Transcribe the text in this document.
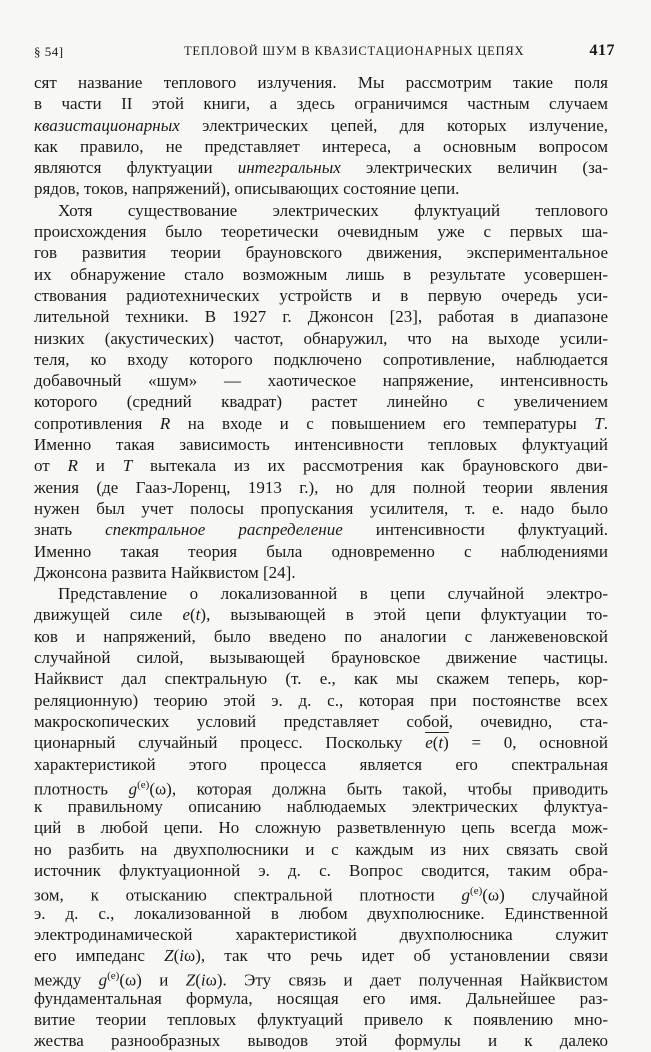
§ 54]	ТЕПЛОВОЙ ШУМ В КВАЗИСТАЦИОНАРНЫХ ЦЕПЯХ	417
сят название теплового излучения. Мы рассмотрим такие поля
в части II этой книги, а здесь ограничимся частным случаем
квазистационарных электрических цепей, для которых излучение,
как правило, не представляет интереса, а основным вопросом
являются флуктуации интегральных электрических величин (за-
рядов, токов, напряжений), описывающих состояние цепи.
Хотя существование электрических флуктуаций теплового
происхождения было теоретически очевидным уже с первых ша-
гов развития теории брауновского движения, экспериментальное
их обнаружение стало возможным лишь в результате усовершен-
ствования радиотехнических устройств и в первую очередь уси-
лительной техники. В 1927 г. Джонсон [23], работая в диапазоне
низких (акустических) частот, обнаружил, что на выходе усили-
теля, ко входу которого подключено сопротивление, наблюдается
добавочный «шум» — хаотическое напряжение, интенсивность
которого (средний квадрат) растет линейно с увеличением
сопротивления R на входе и с повышением его температуры T.
Именно такая зависимость интенсивности тепловых флуктуаций
от R и T вытекала из их рассмотрения как брауновского дви-
жения (де Гааз-Лоренц, 1913 г.), но для полной теории явления
нужен был учет полосы пропускания усилителя, т. е. надо было
знать спектральное распределение интенсивности флуктуаций.
Именно такая теория была одновременно с наблюдениями
Джонсона развита Найквистом [24].
Представление о локализованной в цепи случайной электро-
движущей силе e(t), вызывающей в этой цепи флуктуации то-
ков и напряжений, было введено по аналогии с ланжевеновской
случайной силой, вызывающей брауновское движение частицы.
Найквист дал спектральную (т. е., как мы скажем теперь, кор-
реляционную) теорию этой э. д. с., которая при постоянстве всех
макроскопических условий представляет собой, очевидно, ста-
ционарный случайный процесс. Поскольку $\overline{e}(\overline{t}) = 0$, основной
характеристикой этого процесса является его спектральная
плотность $g^{(e)}(\omega)$, которая должна быть такой, чтобы приводить
к правильному описанию наблюдаемых электрических флуктуа-
ций в любой цепи. Но сложную разветвленную цепь всегда мож-
но разбить на двухполюсники и с каждым из них связать свой
источник флуктуационной э. д. с. Вопрос сводится, таким обра-
зом, к отысканию спектральной плотности $g^{(e)}(\omega)$ случайной
э. д. с., локализованной в любом двухполюснике. Единственной
электродинамической характеристикой двухполюсника служит
его импеданс Z(iω), так что речь идет об установлении связи
между $g^{(e)}(\omega)$ и Z(iω). Эту связь и дает полученная Найквистом
фундаментальная формула, носящая его имя. Дальнейшее раз-
витие теории тепловых флуктуаций привело к появлению мно-
жества разнообразных выводов этой формулы и к далеко
